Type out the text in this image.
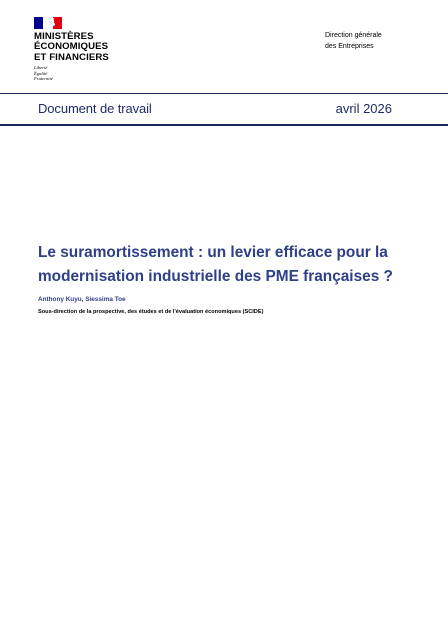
MINISTÈRES
ÉCONOMIQUES
ET FINANCIERS
Liberté
Égalité
Fraternité
Direction générale
des Entreprises
Document de travail	avril 2026
Le suramortissement : un levier efficace pour la
modernisation industrielle des PME françaises ?
Anthony Kuyu, Siessima Toe
Sous-direction de la prospective, des études et de l'évaluation économiques (SCIDE)
